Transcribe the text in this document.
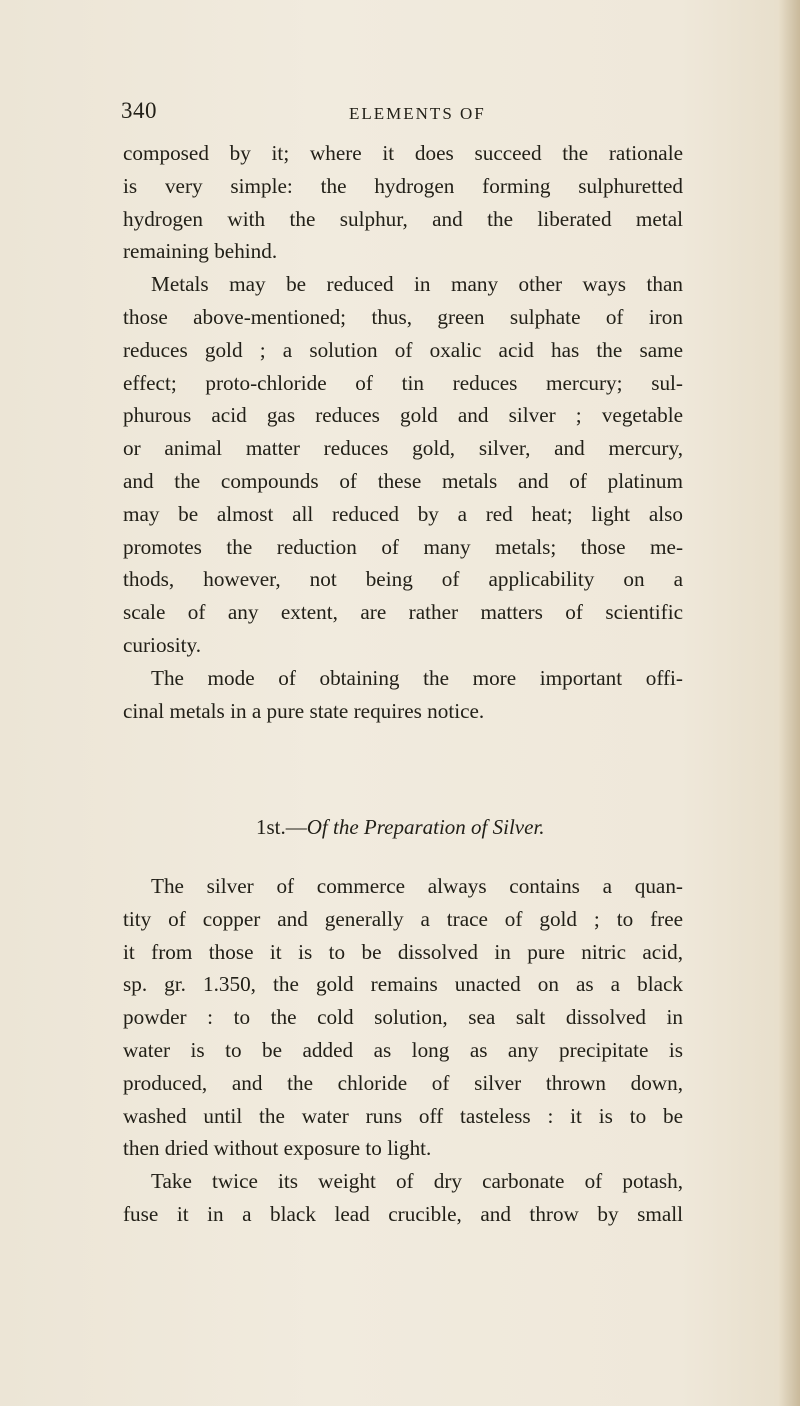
340	ELEMENTS OF
composed by it; where it does succeed the rationale
is very simple: the hydrogen forming sulphuretted
hydrogen with the sulphur, and the liberated metal
remaining behind.
Metals may be reduced in many other ways than
those above-mentioned; thus, green sulphate of iron
reduces gold ; a solution of oxalic acid has the same
effect; proto-chloride of tin reduces mercury; sul-
phurous acid gas reduces gold and silver ; vegetable
or animal matter reduces gold, silver, and mercury,
and the compounds of these metals and of platinum
may be almost all reduced by a red heat; light also
promotes the reduction of many metals; those me-
thods, however, not being of applicability on a
scale of any extent, are rather matters of scientific
curiosity.
The mode of obtaining the more important offi-
cinal metals in a pure state requires notice.
1st.—Of the Preparation of Silver.
The silver of commerce always contains a quan-
tity of copper and generally a trace of gold ; to free
it from those it is to be dissolved in pure nitric acid,
sp. gr. 1.350, the gold remains unacted on as a black
powder : to the cold solution, sea salt dissolved in
water is to be added as long as any precipitate is
produced, and the chloride of silver thrown down,
washed until the water runs off tasteless : it is to be
then dried without exposure to light.
Take twice its weight of dry carbonate of potash,
fuse it in a black lead crucible, and throw by small
